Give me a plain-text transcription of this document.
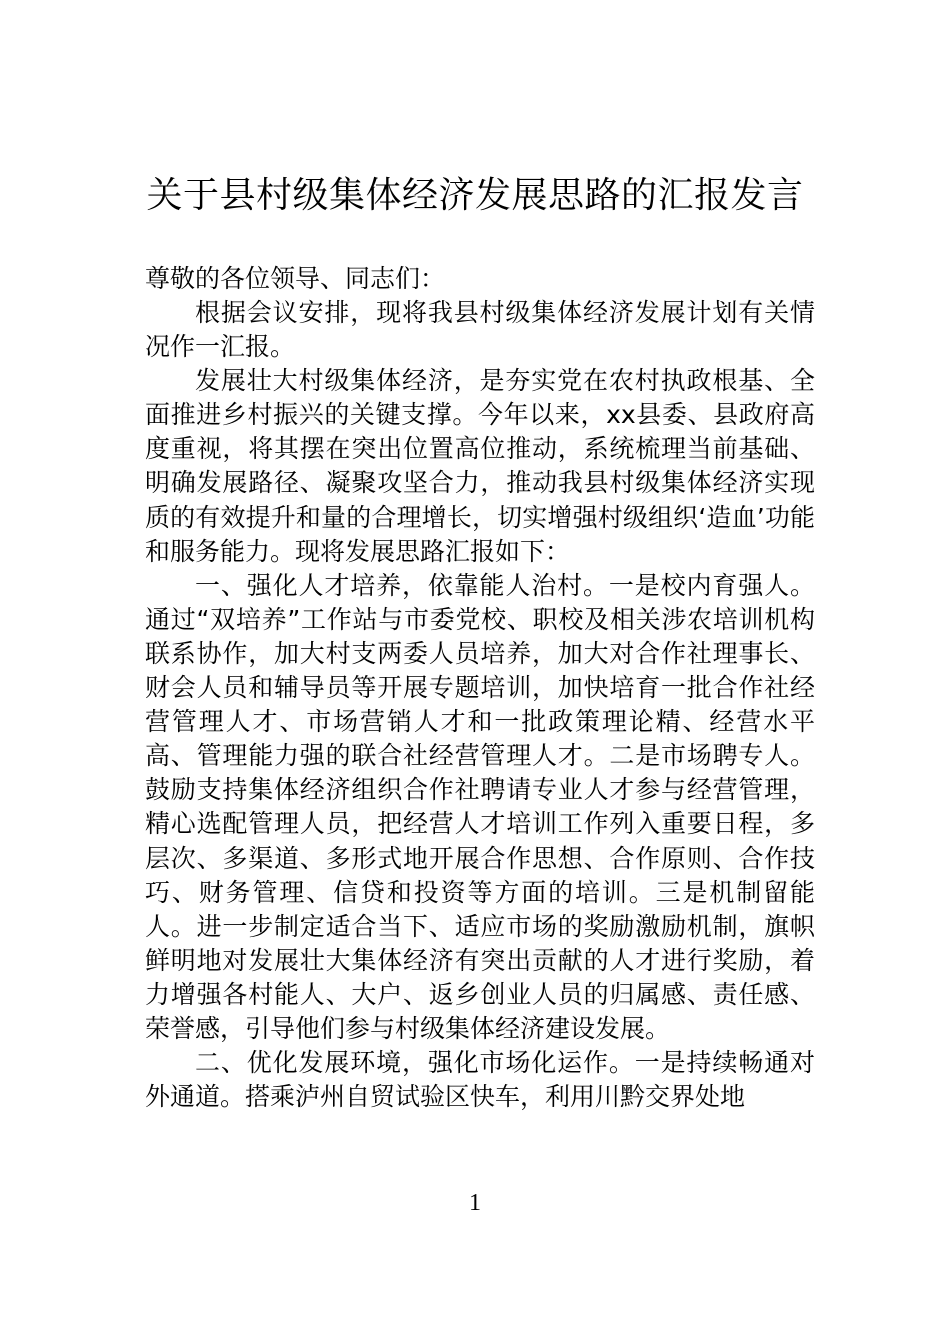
关于县村级集体经济发展思路的汇报发言
尊敬的各位领导、同志们：

根据会议安排，现将我县村级集体经济发展计划有关情况作一汇报。

发展壮大村级集体经济，是夯实党在农村执政根基、全面推进乡村振兴的关键支撑。今年以来，xx县委、县政府高度重视，将其摆在突出位置高位推动，系统梳理当前基础、明确发展路径、凝聚攻坚合力，推动我县村级集体经济实现质的有效提升和量的合理增长，切实增强村级组织‘造血’功能和服务能力。现将发展思路汇报如下：

一、强化人才培养，依靠能人治村。一是校内育强人。通过“双培养”工作站与市委党校、职校及相关涉农培训机构联系协作，加大村支两委人员培养，加大对合作社理事长、财会人员和辅导员等开展专题培训，加快培育一批合作社经营管理人才、市场营销人才和一批政策理论精、经营水平高、管理能力强的联合社经营管理人才。二是市场聘专人。鼓励支持集体经济组织合作社聘请专业人才参与经营管理，精心选配管理人员，把经营人才培训工作列入重要日程，多层次、多渠道、多形式地开展合作思想、合作原则、合作技巧、财务管理、信贷和投资等方面的培训。三是机制留能人。进一步制定适合当下、适应市场的奖励激励机制，旗帜鲜明地对发展壮大集体经济有突出贡献的人才进行奖励，着力增强各村能人、大户、返乡创业人员的归属感、责任感、荣誉感，引导他们参与村级集体经济建设发展。

二、优化发展环境，强化市场化运作。一是持续畅通对外通道。搭乘泸州自贸试验区快车，利用川黔交界处地

1
